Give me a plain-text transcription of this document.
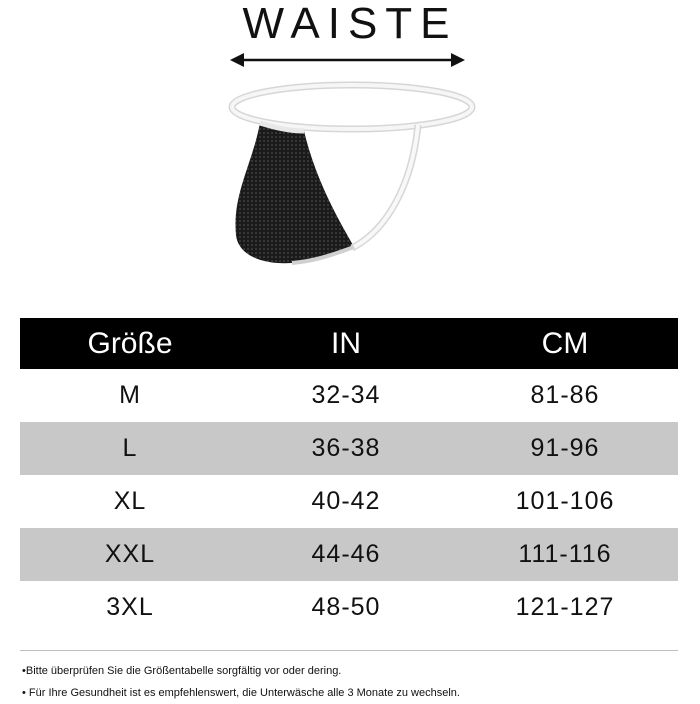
WAISTE
Größe	IN	CM
M	32-34	81-86
L	36-38	91-96
XL	40-42	101-106
XXL	44-46	111-116
3XL	48-50	121-127
•Bitte überprüfen Sie die Größentabelle sorgfältig vor oder dering.
• Für Ihre Gesundheit ist es empfehlenswert, die Unterwäsche alle 3 Monate zu wechseln.
